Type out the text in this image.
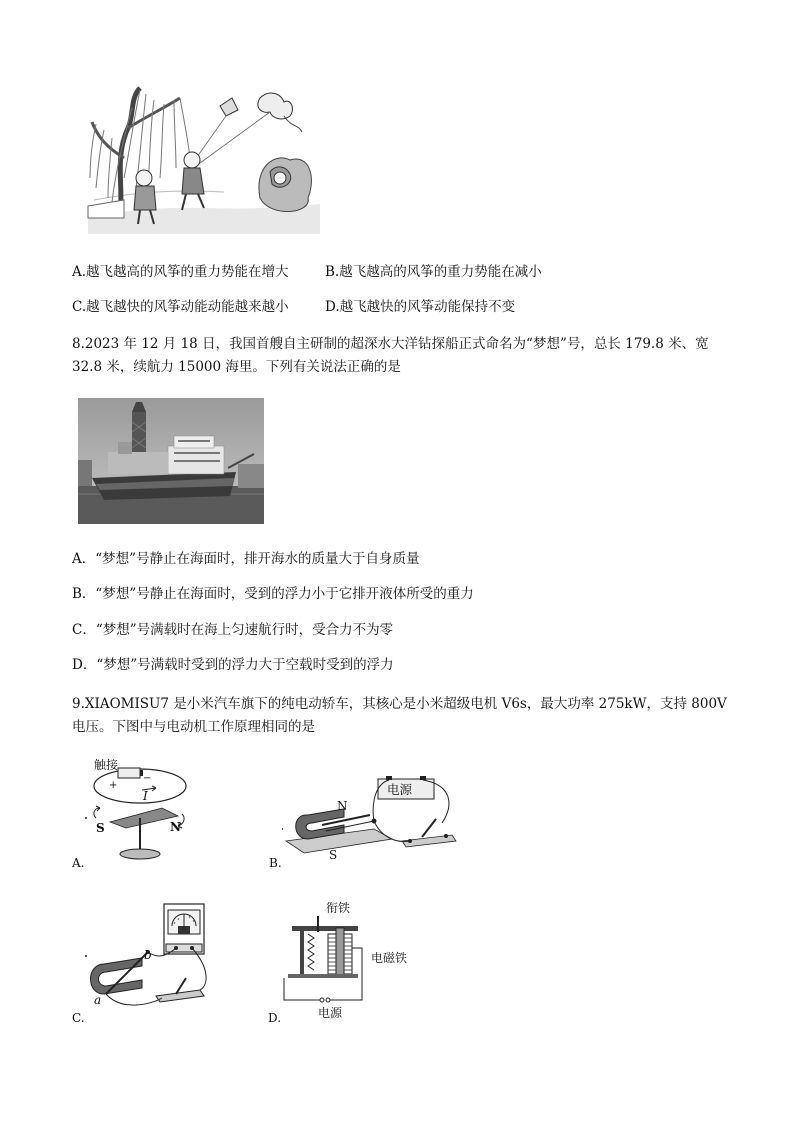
A.越飞越高的风筝的重力势能在增大	B.越飞越高的风筝的重力势能在减小
C.越飞越快的风筝动能动能越来越小	D.越飞越快的风筝动能保持不变
8.2023 年 12 月 18 日，我国首艘自主研制的超深水大洋钻探船正式命名为“梦想”号，总长 179.8 米、宽
32.8 米，续航力 15000 海里。下列有关说法正确的是
A．“梦想”号静止在海面时，排开海水的质量大于自身质量
B．“梦想”号静止在海面时，受到的浮力小于它排开液体所受的重力
C．“梦想”号满载时在海上匀速航行时，受合力不为零
D．“梦想”号满载时受到的浮力大于空载时受到的浮力
9.XIAOMISU7 是小米汽车旗下的纯电动轿车，其核心是小米超级电机 V6s，最大功率 275kW，支持 800V
电压。下图中与电动机工作原理相同的是
触接
+
−
I
S	N
A.
电源
N
S
B.
b
a
C.
衔铁
电磁铁
电源
D.
